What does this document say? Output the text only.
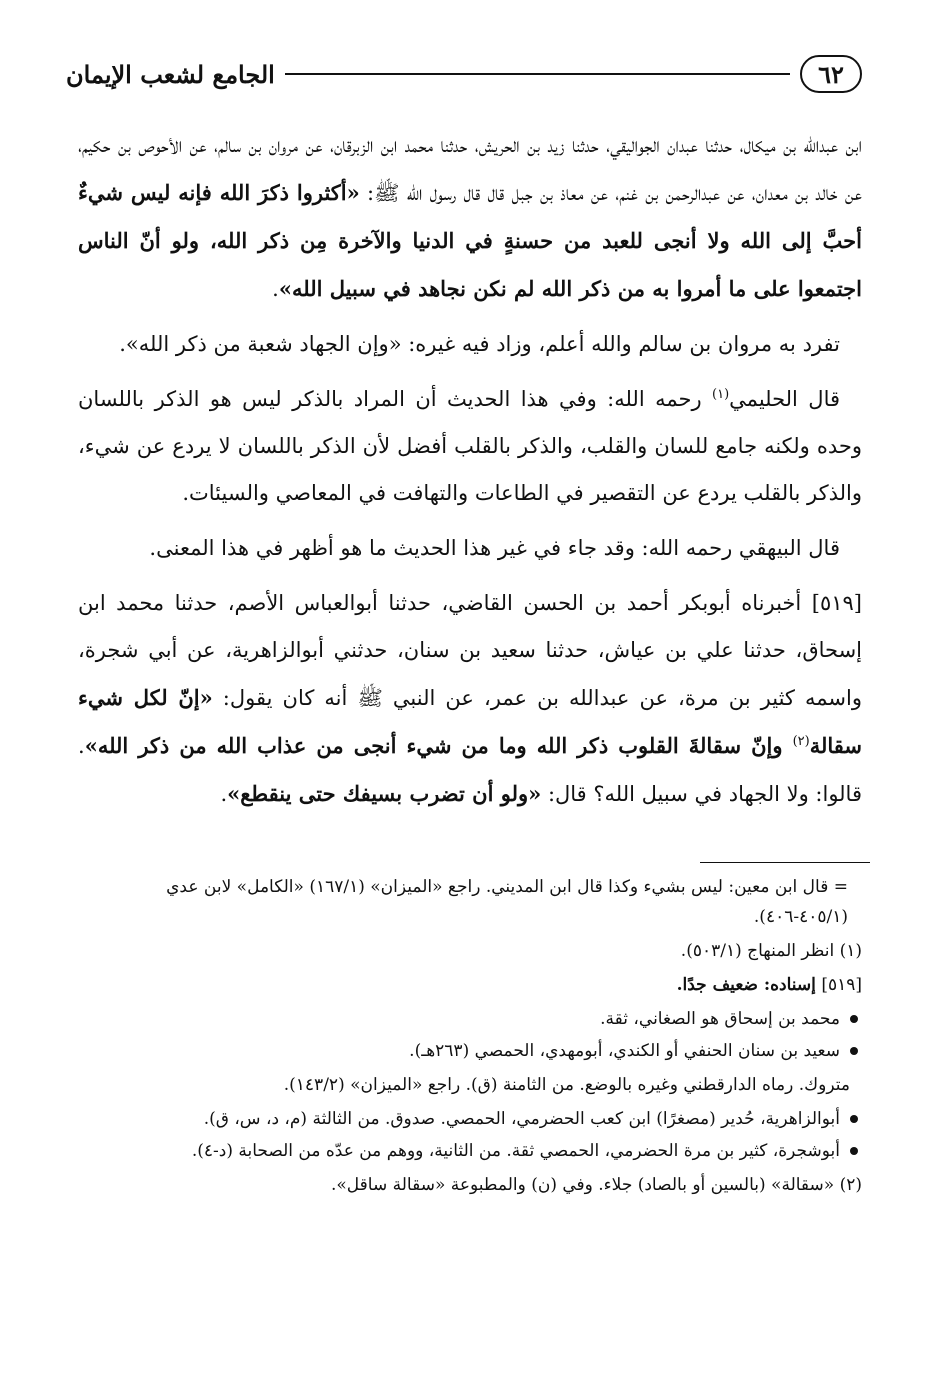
٦٢
الجامع لشعب الإيمان

ابن عبدالله بن ميكال، حدثنا عبدان الجواليقي، حدثنا زيد بن الحريش، حدثنا محمد ابن الزبرقان، عن مروان بن سالم، عن الأحوص بن حكيم، عن خالد بن معدان، عن عبدالرحمن بن غنم، عن معاذ بن جبل قال قال رسول الله ﷺ: «أكثروا ذكرَ الله فإنه ليس شيءٌ أحبَّ إلى الله ولا أنجى للعبد من حسنةٍ في الدنيا والآخرة مِن ذكر الله، ولو أنّ الناس اجتمعوا على ما أمروا به من ذكر الله لم نكن نجاهد في سبيل الله».

تفرد به مروان بن سالم والله أعلم، وزاد فيه غيره: «وإن الجهاد شعبة من ذكر الله».

قال الحليمي$^{(١)}$ رحمه الله: وفي هذا الحديث أن المراد بالذكر ليس هو الذكر باللسان وحده ولكنه جامع للسان والقلب، والذكر بالقلب أفضل لأن الذكر باللسان لا يردع عن شيء، والذكر بالقلب يردع عن التقصير في الطاعات والتهافت في المعاصي والسيئات.

قال البيهقي رحمه الله: وقد جاء في غير هذا الحديث ما هو أظهر في هذا المعنى.

[٥١٩] أخبرناه أبوبكر أحمد بن الحسن القاضي، حدثنا أبوالعباس الأصم، حدثنا محمد ابن إسحاق، حدثنا علي بن عياش، حدثنا سعيد بن سنان، حدثني أبوالزاهرية، عن أبي شجرة، واسمه كثير بن مرة، عن عبدالله بن عمر، عن النبي ﷺ أنه كان يقول: «إنّ لكل شيء سقالة$^{(٢)}$ وإنّ سقالةَ القلوب ذكر الله وما من شيء أنجى من عذاب الله من ذكر الله». قالوا: ولا الجهاد في سبيل الله؟ قال: «ولو أن تضرب بسيفك حتى ينقطع».

= قال ابن معين: ليس بشيء وكذا قال ابن المديني. راجع «الميزان» (١٦٧/١) «الكامل» لابن عدي (٤٠٥/١-٤٠٦).

(١) انظر المنهاج (٥٠٣/١).

[٥١٩] إسناده: ضعيف جدًا.

محمد بن إسحاق هو الصغاني، ثقة.
سعيد بن سنان الحنفي أو الكندي، أبومهدي، الحمصي (٢٦٣هـ).

متروك. رماه الدارقطني وغيره بالوضع. من الثامنة (ق). راجع «الميزان» (١٤٣/٢).

أبوالزاهرية، حُدير (مصغرًا) ابن كعب الحضرمي، الحمصي. صدوق. من الثالثة (م، د، س، ق).
أبوشجرة، كثير بن مرة الحضرمي، الحمصي ثقة. من الثانية، ووهم من عدّه من الصحابة (د-٤).

(٢) «سقالة» (بالسين أو بالصاد) جلاء. وفي (ن) والمطبوعة «سقالة ساقل».
